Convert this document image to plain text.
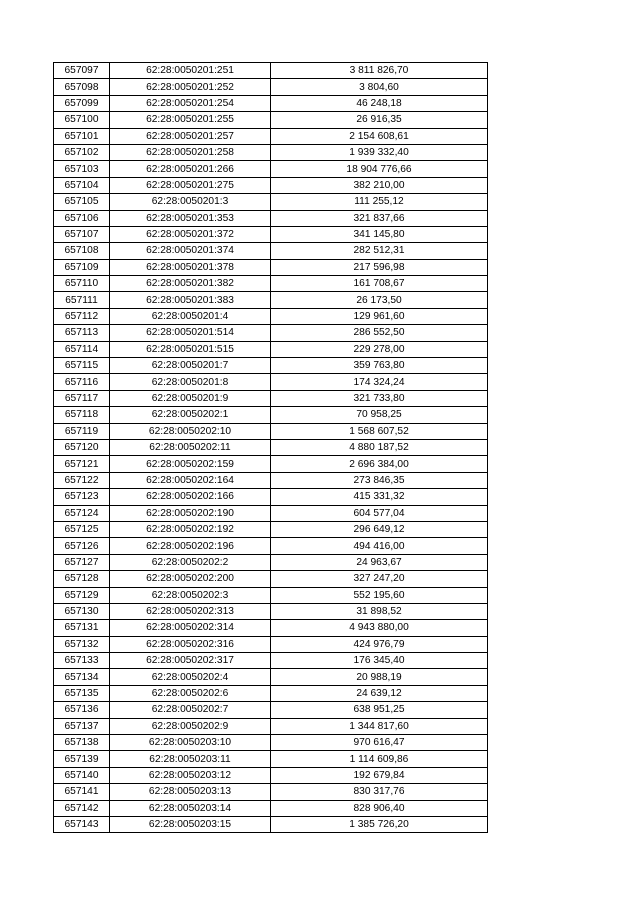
657097	62:28:0050201:251	3 811 826,70
657098	62:28:0050201:252	3 804,60
657099	62:28:0050201:254	46 248,18
657100	62:28:0050201:255	26 916,35
657101	62:28:0050201:257	2 154 608,61
657102	62:28:0050201:258	1 939 332,40
657103	62:28:0050201:266	18 904 776,66
657104	62:28:0050201:275	382 210,00
657105	62:28:0050201:3	111 255,12
657106	62:28:0050201:353	321 837,66
657107	62:28:0050201:372	341 145,80
657108	62:28:0050201:374	282 512,31
657109	62:28:0050201:378	217 596,98
657110	62:28:0050201:382	161 708,67
657111	62:28:0050201:383	26 173,50
657112	62:28:0050201:4	129 961,60
657113	62:28:0050201:514	286 552,50
657114	62:28:0050201:515	229 278,00
657115	62:28:0050201:7	359 763,80
657116	62:28:0050201:8	174 324,24
657117	62:28:0050201:9	321 733,80
657118	62:28:0050202:1	70 958,25
657119	62:28:0050202:10	1 568 607,52
657120	62:28:0050202:11	4 880 187,52
657121	62:28:0050202:159	2 696 384,00
657122	62:28:0050202:164	273 846,35
657123	62:28:0050202:166	415 331,32
657124	62:28:0050202:190	604 577,04
657125	62:28:0050202:192	296 649,12
657126	62:28:0050202:196	494 416,00
657127	62:28:0050202:2	24 963,67
657128	62:28:0050202:200	327 247,20
657129	62:28:0050202:3	552 195,60
657130	62:28:0050202:313	31 898,52
657131	62:28:0050202:314	4 943 880,00
657132	62:28:0050202:316	424 976,79
657133	62:28:0050202:317	176 345,40
657134	62:28:0050202:4	20 988,19
657135	62:28:0050202:6	24 639,12
657136	62:28:0050202:7	638 951,25
657137	62:28:0050202:9	1 344 817,60
657138	62:28:0050203:10	970 616,47
657139	62:28:0050203:11	1 114 609,86
657140	62:28:0050203:12	192 679,84
657141	62:28:0050203:13	830 317,76
657142	62:28:0050203:14	828 906,40
657143	62:28:0050203:15	1 385 726,20
